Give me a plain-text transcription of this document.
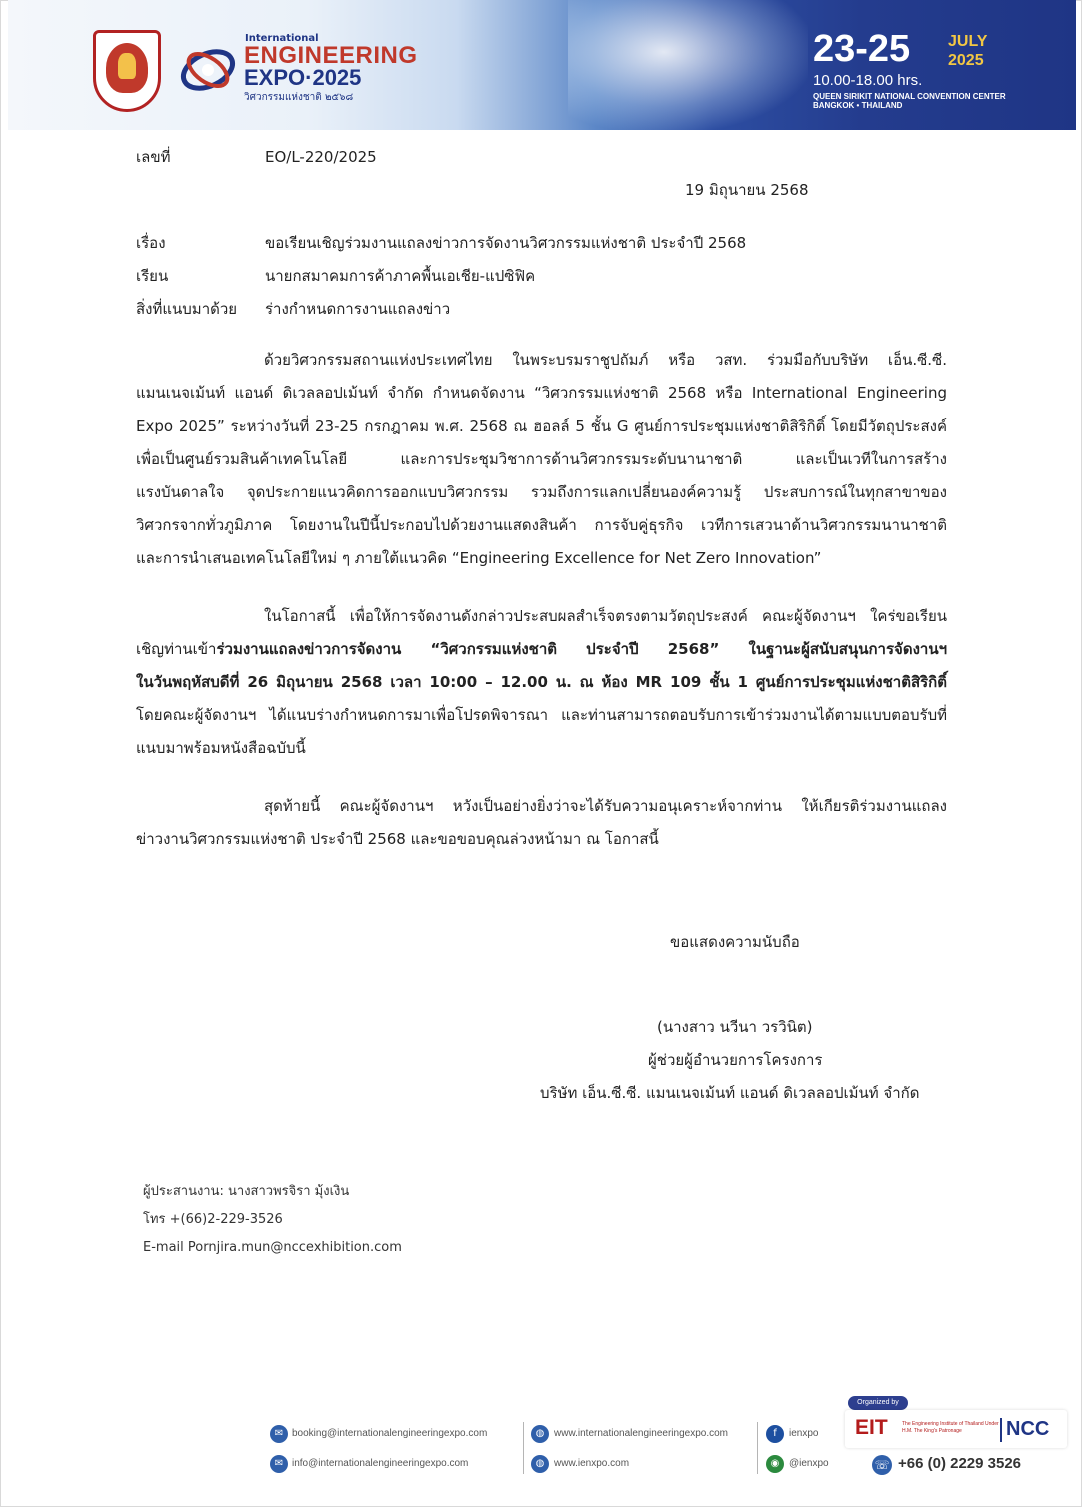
International
ENGINEERING
EXPO·2025
วิศวกรรมแห่งชาติ ๒๕๖๘
23-25 JULY
2025
10.00-18.00 hrs.
QUEEN SIRIKIT NATIONAL CONVENTION CENTER
BANGKOK • THAILAND
เลขที่	EO/L-220/2025
19 มิถุนายน 2568
เรื่อง	ขอเรียนเชิญร่วมงานแถลงข่าวการจัดงานวิศวกรรมแห่งชาติ ประจำปี 2568
เรียน	นายกสมาคมการค้าภาคพื้นเอเชีย-แปซิฟิค
สิ่งที่แนบมาด้วย ร่างกำหนดการงานแถลงข่าว
ด้วยวิศวกรรมสถานแห่งประเทศไทย ในพระบรมราชูปถัมภ์ หรือ วสท. ร่วมมือกับบริษัท เอ็น.ซี.ซี.
แมนเนจเม้นท์ แอนด์ ดิเวลลอปเม้นท์ จำกัด กำหนดจัดงาน “วิศวกรรมแห่งชาติ 2568 หรือ International Engineering
Expo 2025” ระหว่างวันที่ 23-25 กรกฎาคม พ.ศ. 2568 ณ ฮอลล์ 5 ชั้น G ศูนย์การประชุมแห่งชาติสิริกิติ์ โดยมีวัตถุประสงค์
เพื่อเป็นศูนย์รวมสินค้าเทคโนโลยี และการประชุมวิชาการด้านวิศวกรรมระดับนานาชาติ และเป็นเวทีในการสร้าง
แรงบันดาลใจ จุดประกายแนวคิดการออกแบบวิศวกรรม รวมถึงการแลกเปลี่ยนองค์ความรู้ ประสบการณ์ในทุกสาขาของ
วิศวกรจากทั่วภูมิภาค โดยงานในปีนี้ประกอบไปด้วยงานแสดงสินค้า การจับคู่ธุรกิจ เวทีการเสวนาด้านวิศวกรรมนานาชาติ
และการนำเสนอเทคโนโลยีใหม่ ๆ ภายใต้แนวคิด “Engineering Excellence for Net Zero Innovation”
ในโอกาสนี้ เพื่อให้การจัดงานดังกล่าวประสบผลสำเร็จตรงตามวัตถุประสงค์ คณะผู้จัดงานฯ ใคร่ขอเรียน
เชิญท่านเข้าร่วมงานแถลงข่าวการจัดงาน “วิศวกรรมแห่งชาติ ประจำปี 2568” ในฐานะผู้สนับสนุนการจัดงานฯ
ในวันพฤหัสบดีที่ 26 มิถุนายน 2568 เวลา 10:00 – 12.00 น. ณ ห้อง MR 109 ชั้น 1 ศูนย์การประชุมแห่งชาติสิริกิติ์
โดยคณะผู้จัดงานฯ ได้แนบร่างกำหนดการมาเพื่อโปรดพิจารณา และท่านสามารถตอบรับการเข้าร่วมงานได้ตามแบบตอบรับที่
แนบมาพร้อมหนังสือฉบับนี้
สุดท้ายนี้ คณะผู้จัดงานฯ หวังเป็นอย่างยิ่งว่าจะได้รับความอนุเคราะห์จากท่าน ให้เกียรติร่วมงานแถลง
ข่าวงานวิศวกรรมแห่งชาติ ประจำปี 2568 และขอขอบคุณล่วงหน้ามา ณ โอกาสนี้
ขอแสดงความนับถือ
(นางสาว นวีนา วรวินิต)
ผู้ช่วยผู้อำนวยการโครงการ
บริษัท เอ็น.ซี.ซี. แมนเนจเม้นท์ แอนด์ ดิเวลลอปเม้นท์ จำกัด
ผู้ประสานงาน: นางสาวพรจิรา มุ้งเงิน
โทร +(66)2-229-3526
E-mail Pornjira.mun@nccexhibition.com
✉ booking@internationalengineeringexpo.com
✉ info@internationalengineeringexpo.com
◍ www.internationalengineeringexpo.com
◍ www.ienxpo.com
f	ienxpo
◉ @ienxpo
Organized by
EIT	The Engineering Institute of Thailand Under H.M. The King's Patronage	NCC
☏ +66 (0) 2229 3526
